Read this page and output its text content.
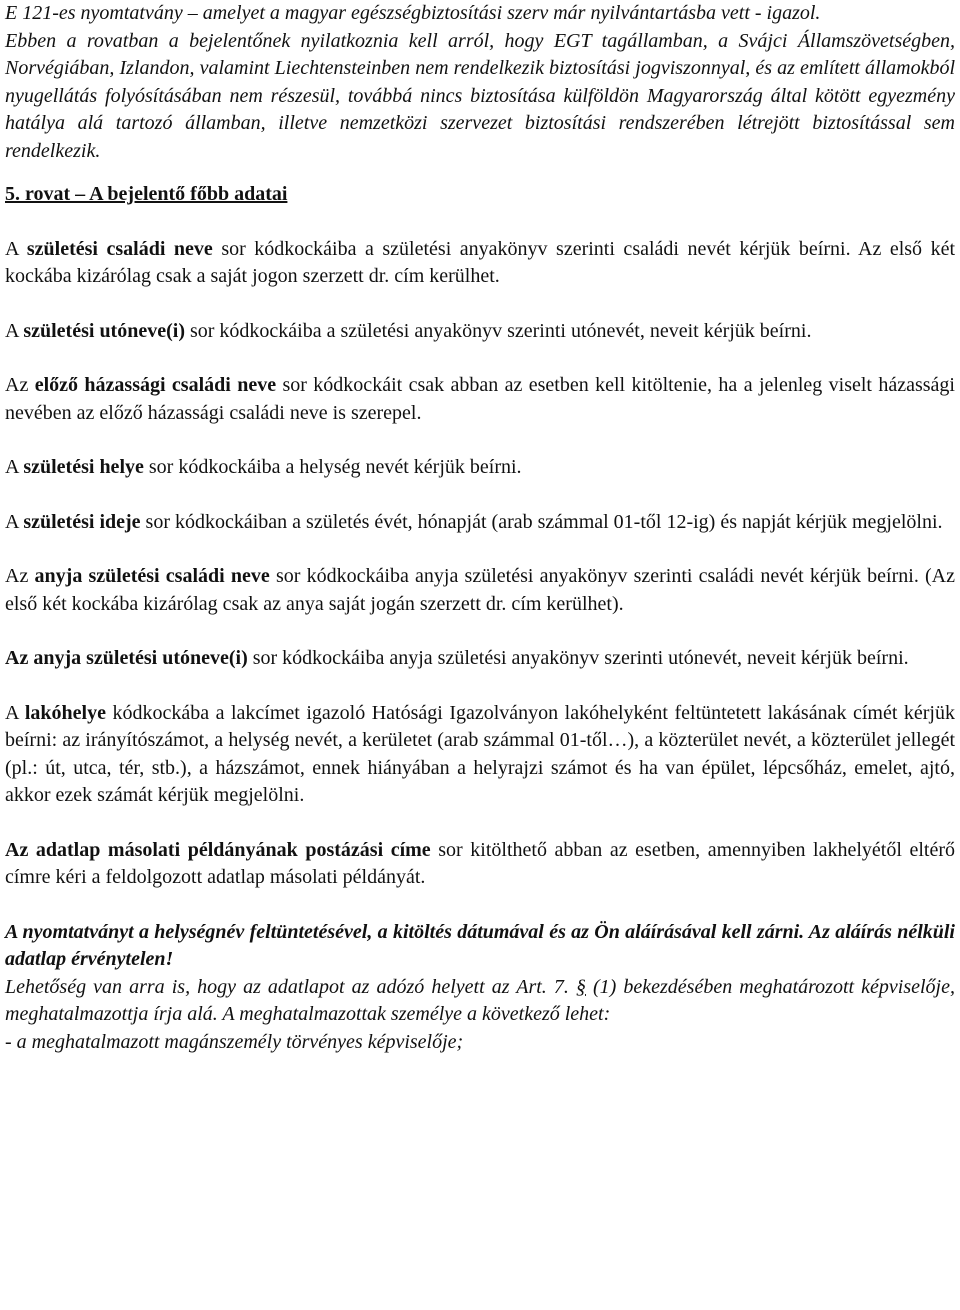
E 121-es nyomtatvány – amelyet a magyar egészségbiztosítási szerv már nyilvántartásba vett - igazol.

Ebben a rovatban a bejelentőnek nyilatkoznia kell arról, hogy EGT tagállamban, a Svájci Államszövetségben, Norvégiában, Izlandon, valamint Liechtensteinben nem rendelkezik biztosítási jogviszonnyal, és az említett államokból nyugellátás folyósításában nem részesül, továbbá nincs biztosítása külföldön Magyarország által kötött egyezmény hatálya alá tartozó államban, illetve nemzetközi szervezet biztosítási rendszerében létrejött biztosítással sem rendelkezik.

5. rovat – A bejelentő főbb adatai

A születési családi neve sor kódkockáiba a születési anyakönyv szerinti családi nevét kérjük beírni. Az első két kockába kizárólag csak a saját jogon szerzett dr. cím kerülhet.

A születési utóneve(i) sor kódkockáiba a születési anyakönyv szerinti utónevét, neveit kérjük beírni.

Az előző házassági családi neve sor kódkockáit csak abban az esetben kell kitöltenie, ha a jelenleg viselt házassági nevében az előző házassági családi neve is szerepel.

A születési helye sor kódkockáiba a helység nevét kérjük beírni.

A születési ideje sor kódkockáiban a születés évét, hónapját (arab számmal 01-től 12-ig) és napját kérjük megjelölni.

Az anyja születési családi neve sor kódkockáiba anyja születési anyakönyv szerinti családi nevét kérjük beírni. (Az első két kockába kizárólag csak az anya saját jogán szerzett dr. cím kerülhet).

Az anyja születési utóneve(i) sor kódkockáiba anyja születési anyakönyv szerinti utónevét, neveit kérjük beírni.

A lakóhelye kódkockába a lakcímet igazoló Hatósági Igazolványon lakóhelyként feltüntetett lakásának címét kérjük beírni: az irányítószámot, a helység nevét, a kerületet (arab számmal 01-től…), a közterület nevét, a közterület jellegét (pl.: út, utca, tér, stb.), a házszámot, ennek hiányában a helyrajzi számot és ha van épület, lépcsőház, emelet, ajtó, akkor ezek számát kérjük megjelölni.

Az adatlap másolati példányának postázási címe sor kitölthető abban az esetben, amennyiben lakhelyétől eltérő címre kéri a feldolgozott adatlap másolati példányát.

A nyomtatványt a helységnév feltüntetésével, a kitöltés dátumával és az Ön aláírásával kell zárni. Az aláírás nélküli adatlap érvénytelen!

Lehetőség van arra is, hogy az adatlapot az adózó helyett az Art. 7. § (1) bekezdésében meghatározott képviselője, meghatalmazottja írja alá. A meghatalmazottak személye a következő lehet:

- a meghatalmazott magánszemély törvényes képviselője;
